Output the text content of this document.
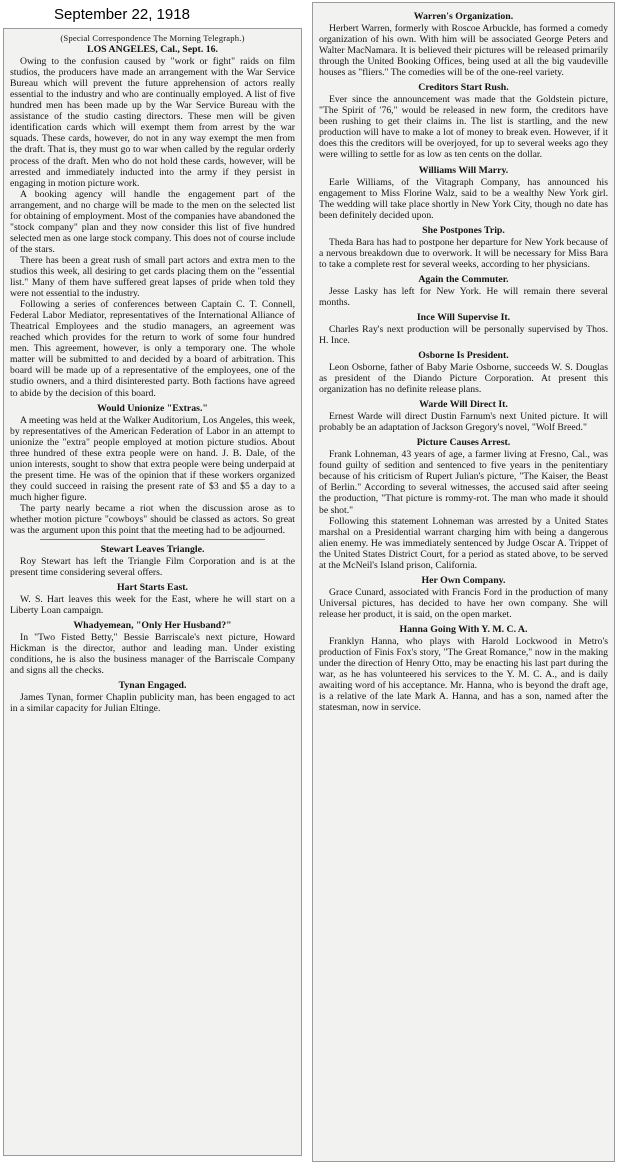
September 22, 1918

(Special Correspondence The Morning Telegraph.)

LOS ANGELES, Cal., Sept. 16.

Owing to the confusion caused by "work or fight" raids on film studios, the producers have made an arrangement with the War Service Bureau which will prevent the future apprehension of actors really essential to the industry and who are continually employed. A list of five hundred men has been made up by the War Service Bureau with the assistance of the studio casting directors. These men will be given identification cards which will exempt them from arrest by the war squads. These cards, however, do not in any way exempt the men from the draft. That is, they must go to war when called by the regular orderly process of the draft. Men who do not hold these cards, however, will be arrested and immediately inducted into the army if they persist in engaging in motion picture work.

A booking agency will handle the engagement part of the arrangement, and no charge will be made to the men on the selected list for obtaining of employment. Most of the companies have abandoned the "stock company" plan and they now consider this list of five hundred selected men as one large stock company. This does not of course include of the stars.

There has been a great rush of small part actors and extra men to the studios this week, all desiring to get cards placing them on the "essential list." Many of them have suffered great lapses of pride when told they were not essential to the industry.

Following a series of conferences between Captain C. T. Connell, Federal Labor Mediator, representatives of the International Alliance of Theatrical Employees and the studio managers, an agreement was reached which provides for the return to work of some four hundred men. This agreement, however, is only a temporary one. The whole matter will be submitted to and decided by a board of arbitration. This board will be made up of a representative of the employees, one of the studio owners, and a third disinterested party. Both factions have agreed to abide by the decision of this board.

Would Unionize "Extras."

A meeting was held at the Walker Auditorium, Los Angeles, this week, by representatives of the American Federation of Labor in an attempt to unionize the "extra" people employed at motion picture studios. About three hundred of these extra people were on hand. J. B. Dale, of the union interests, sought to show that extra people were being underpaid at the present time. He was of the opinion that if these workers organized they could succeed in raising the present rate of $3 and $5 a day to a much higher figure.

The party nearly became a riot when the discussion arose as to whether motion picture "cowboys" should be classed as actors. So great was the argument upon this point that the meeting had to be adjourned.

Stewart Leaves Triangle.

Roy Stewart has left the Triangle Film Corporation and is at the present time considering several offers.

Hart Starts East.

W. S. Hart leaves this week for the East, where he will start on a Liberty Loan campaign.

Whadyemean, "Only Her Husband?"

In "Two Fisted Betty," Bessie Barriscale's next picture, Howard Hickman is the director, author and leading man. Under existing conditions, he is also the business manager of the Barriscale Company and signs all the checks.

Tynan Engaged.

James Tynan, former Chaplin publicity man, has been engaged to act in a similar capacity for Julian Eltinge.

Warren's Organization.

Herbert Warren, formerly with Roscoe Arbuckle, has formed a comedy organization of his own. With him will be associated George Peters and Walter MacNamara. It is believed their pictures will be released primarily through the United Booking Offices, being used at all the big vaudeville houses as "fliers." The comedies will be of the one-reel variety.

Creditors Start Rush.

Ever since the announcement was made that the Goldstein picture, "The Spirit of '76," would be released in new form, the creditors have been rushing to get their claims in. The list is startling, and the new production will have to make a lot of money to break even. However, if it does this the creditors will be overjoyed, for up to several weeks ago they were willing to settle for as low as ten cents on the dollar.

Williams Will Marry.

Earle Williams, of the Vitagraph Company, has announced his engagement to Miss Florine Walz, said to be a wealthy New York girl. The wedding will take place shortly in New York City, though no date has been definitely decided upon.

She Postpones Trip.

Theda Bara has had to postpone her departure for New York because of a nervous breakdown due to overwork. It will be necessary for Miss Bara to take a complete rest for several weeks, according to her physicians.

Again the Commuter.

Jesse Lasky has left for New York. He will remain there several months.

Ince Will Supervise It.

Charles Ray's next production will be personally supervised by Thos. H. Ince.

Osborne Is President.

Leon Osborne, father of Baby Marie Osborne, succeeds W. S. Douglas as president of the Diando Picture Corporation. At present this organization has no definite release plans.

Warde Will Direct It.

Ernest Warde will direct Dustin Farnum's next United picture. It will probably be an adaptation of Jackson Gregory's novel, "Wolf Breed."

Picture Causes Arrest.

Frank Lohneman, 43 years of age, a farmer living at Fresno, Cal., was found guilty of sedition and sentenced to five years in the penitentiary because of his criticism of Rupert Julian's picture, "The Kaiser, the Beast of Berlin." According to several witnesses, the accused said after seeing the production, "That picture is rommy-rot. The man who made it should be shot."

Following this statement Lohneman was arrested by a United States marshal on a Presidential warrant charging him with being a dangerous alien enemy. He was immediately sentenced by Judge Oscar A. Trippet of the United States District Court, for a period as stated above, to be served at the McNeil's Island prison, California.

Her Own Company.

Grace Cunard, associated with Francis Ford in the production of many Universal pictures, has decided to have her own company. She will release her product, it is said, on the open market.

Hanna Going With Y. M. C. A.

Franklyn Hanna, who plays with Harold Lockwood in Metro's production of Finis Fox's story, "The Great Romance," now in the making under the direction of Henry Otto, may be enacting his last part during the war, as he has volunteered his services to the Y. M. C. A., and is daily awaiting word of his acceptance. Mr. Hanna, who is beyond the draft age, is a relative of the late Mark A. Hanna, and has a son, named after the statesman, now in service.
